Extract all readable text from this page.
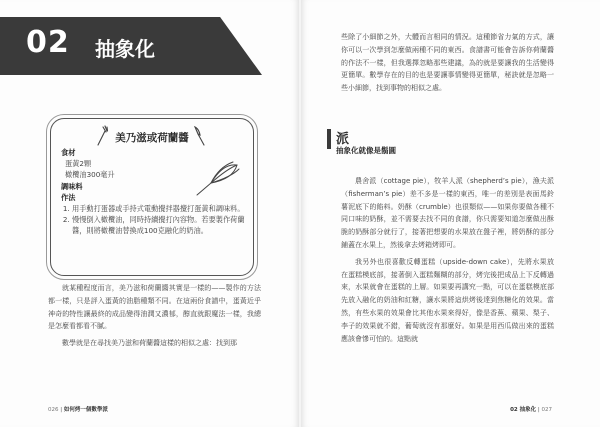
02 抽象化
美乃滋或荷蘭醬
食材
蛋黃2顆
橄欖油300毫升
調味料
作法
1. 用手動打蛋器或手持式電動攪拌器攪打蛋黃和調味料。
2. 慢慢倒入橄欖油，同時持續攪打內容物。若要製作荷蘭醬，則將橄欖油替換成100克融化的奶油。

就某種程度而言，美乃滋和荷蘭醬其實是一樣的——製作的方法都一樣，只是評入蛋黃的油脂種類不同。在這兩份食譜中，蛋黃近乎神奇的特性讓最終的成品變得油潤又濃郁，醇直就跟魔法一樣，我總是怎麼看都看不膩。

數學就是在尋找美乃滋和荷蘭醬這樣的相似之處：找到那

026 | 如何烤一個數學派

些除了小細節之外，大體而言相同的情況。這種節省力氣的方式，讓你可以一次學到怎麼做兩種不同的東西。食譜書可能會告訴你荷蘭醬的作法不一樣，但我選擇忽略那些建議，為的就是要讓我的生活變得更簡單。數學存在的目的也是要讓事情變得更簡單，秘訣就是忽略一些小細節，找到事物的相似之處。

派
抽象化就像是鬍圓

農舍派（cottage pie），牧羊人派（shepherd’s pie），漁夫派（fisherman’s pie）差不多是一樣的東西，唯一的差別是表面馬鈴薯泥底下的餡料。奶酥（crumble）也很類似——如果你要做各種不同口味的奶酥，並不需要去找不同的食譜，你只需要知道怎麼做出酥脆的奶酥部分就行了，接著把想要的水果放在盤子裡，將奶酥的部分鋪蓋在水果上，然後拿去烤箱烤即可。

我另外也很喜歡反轉蛋糕（upside-down cake），先將水果放在蛋糕模底部，接著倒入蛋糕麵糊的部分，烤完後把成品上下反轉過來，水果就會在蛋糕的上層。如果要再講究一點，可以在蛋糕模底部先放入融化的奶油和紅糖，讓水果將這烘烤後達到焦糖化的效果。當然，有些水果的效果會比其他水果來得好，像是香蕉、蘋果、梨子、李子的效果就不錯，葡萄就沒有那麼好。如果是用西瓜做出來的蛋糕應該會慘可怕的。這點就

02 抽象化 | 027
